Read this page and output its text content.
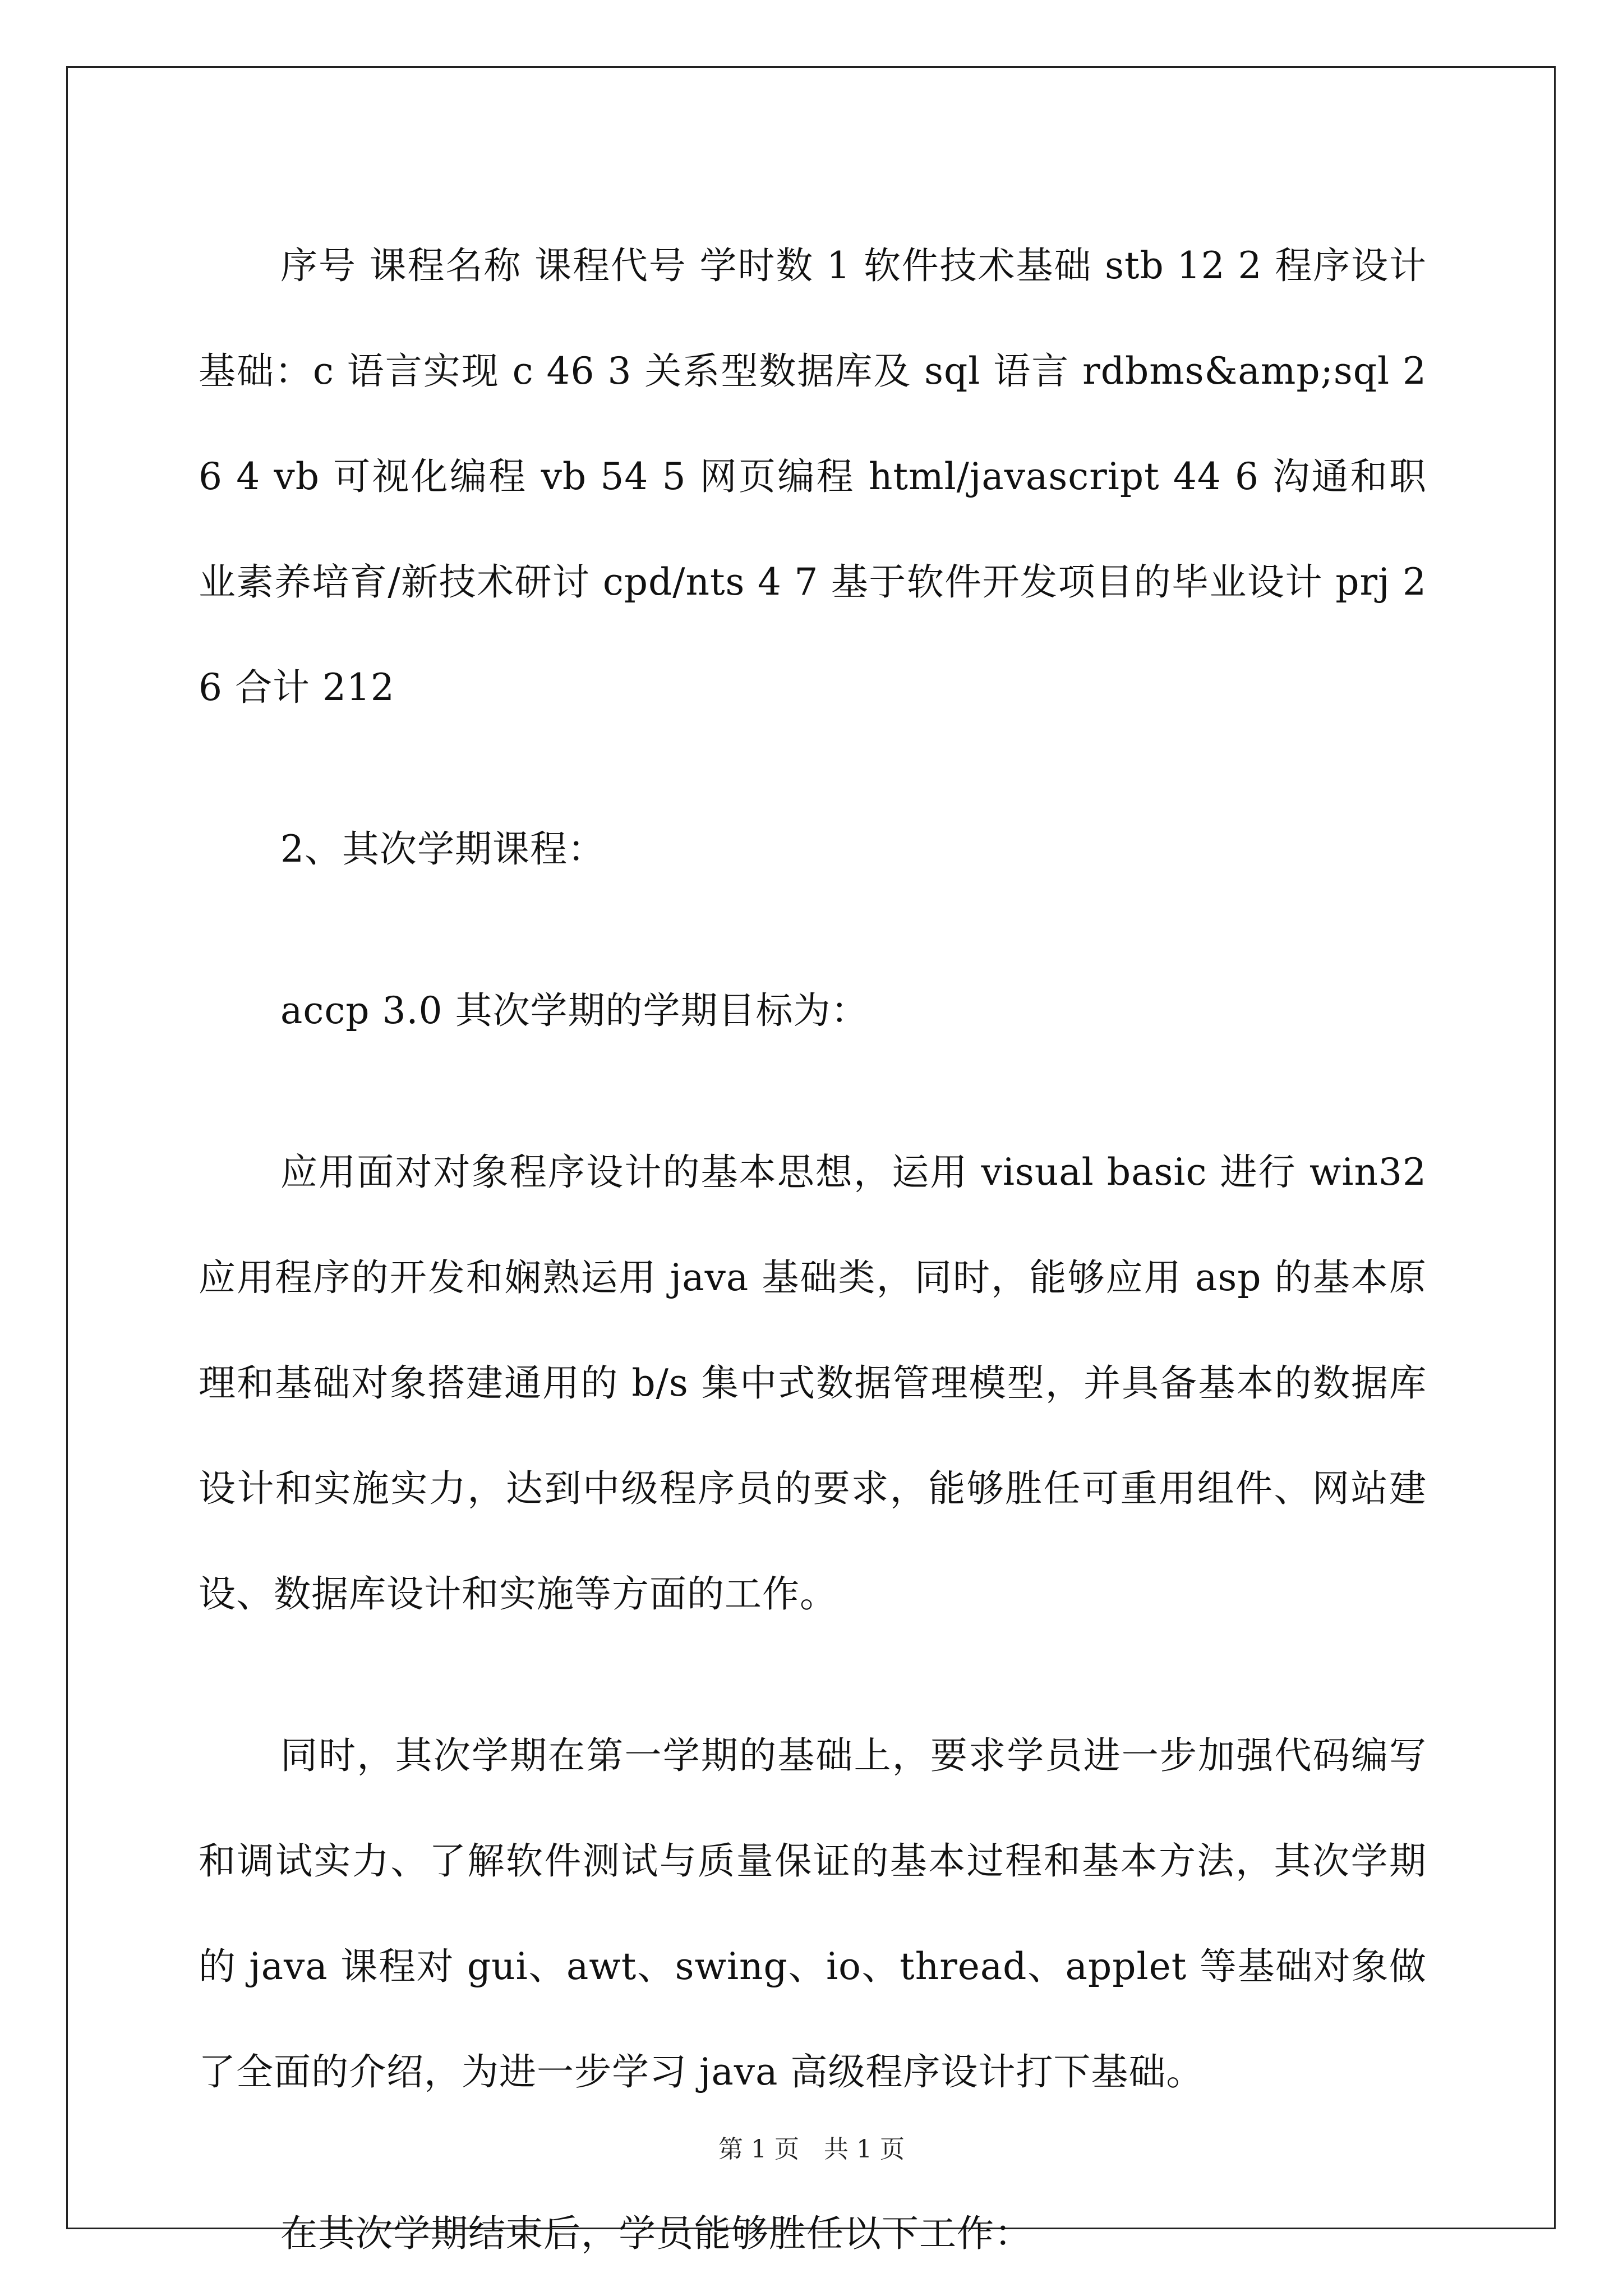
序号 课程名称 课程代号 学时数 1 软件技术基础 stb 12 2 程序设计基础：c 语言实现 c 46 3 关系型数据库及 sql 语言 rdbms&amp;sql 26 4 vb 可视化编程 vb 54 5 网页编程 html/javascript 44 6 沟通和职业素养培育/新技术研讨 cpd/nts 4 7 基于软件开发项目的毕业设计 prj 26 合计 212

2、其次学期课程：

accp 3.0 其次学期的学期目标为：

应用面对对象程序设计的基本思想，运用 visual basic 进行 win32 应用程序的开发和娴熟运用 java 基础类，同时，能够应用 asp 的基本原理和基础对象搭建通用的 b/s 集中式数据管理模型，并具备基本的数据库设计和实施实力，达到中级程序员的要求，能够胜任可重用组件、网站建设、数据库设计和实施等方面的工作。

同时，其次学期在第一学期的基础上，要求学员进一步加强代码编写和调试实力、了解软件测试与质量保证的基本过程和基本方法，其次学期的 java 课程对 gui、awt、swing、io、thread、applet 等基础对象做了全面的介绍，为进一步学习 java 高级程序设计打下基础。

在其次学期结束后，学员能够胜任以下工作：

第 1 页　共 1 页
